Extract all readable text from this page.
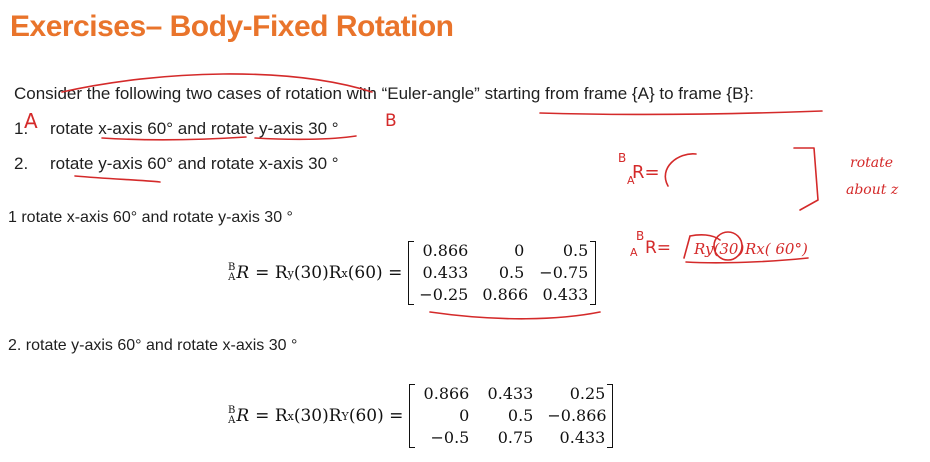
Exercises– Body-Fixed Rotation
Consider the following two cases of rotation with “Euler-angle” starting from frame {A} to frame {B}:
1. rotate x-axis 60° and rotate y-axis 30 °
2. rotate y-axis 60° and rotate x-axis 30 °
1 rotate x-axis 60° and rotate y-axis 30 °
B
A R = R y (30)R x (60) =
0.866	0	0.5
0.433	0.5 −0.75
−0.25 0.866 0.433
2. rotate y-axis 60° and rotate x-axis 30 °
B
A R = R x (30)R Y (60) =
0.866 0.433	0.25
0	0.5 −0.866
−0.5	0.75	0.433
A	B
B
R=
A
rotate
about z
B
R=
A	Ry(30) Rx( 60°)
